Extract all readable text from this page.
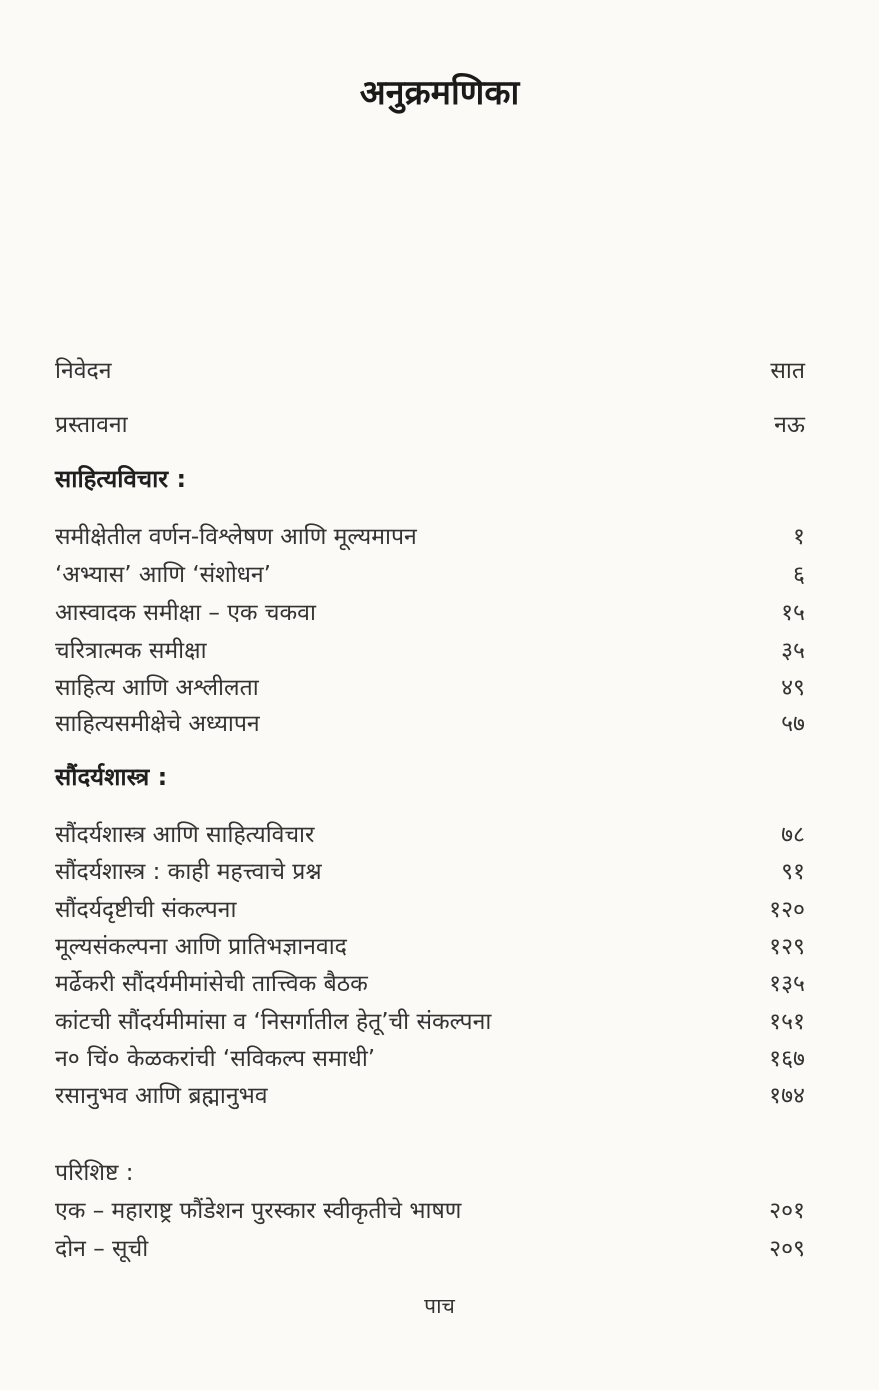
अनुक्रमणिका
निवेदन	सात
प्रस्तावना	नऊ
साहित्यविचार :
समीक्षेतील वर्णन-विश्लेषण आणि मूल्यमापन	१
‘अभ्यास’ आणि ‘संशोधन’	६
आस्वादक समीक्षा – एक चकवा	१५
चरित्रात्मक समीक्षा	३५
साहित्य आणि अश्लीलता	४९
साहित्यसमीक्षेचे अध्यापन	५७
सौंदर्यशास्त्र :
सौंदर्यशास्त्र आणि साहित्यविचार	७८
सौंदर्यशास्त्र : काही महत्त्वाचे प्रश्न	९१
सौंदर्यदृष्टीची संकल्पना	१२०
मूल्यसंकल्पना आणि प्रातिभज्ञानवाद	१२९
मर्ढेकरी सौंदर्यमीमांसेची तात्त्विक बैठक	१३५
कांटची सौंदर्यमीमांसा व ‘निसर्गातील हेतू’ची संकल्पना	१५१
न० चिं० केळकरांची ‘सविकल्प समाधी’	१६७
रसानुभव आणि ब्रह्मानुभव	१७४
परिशिष्ट :
एक – महाराष्ट्र फौंडेशन पुरस्कार स्वीकृतीचे भाषण	२०१
दोन – सूची	२०९
पाच
